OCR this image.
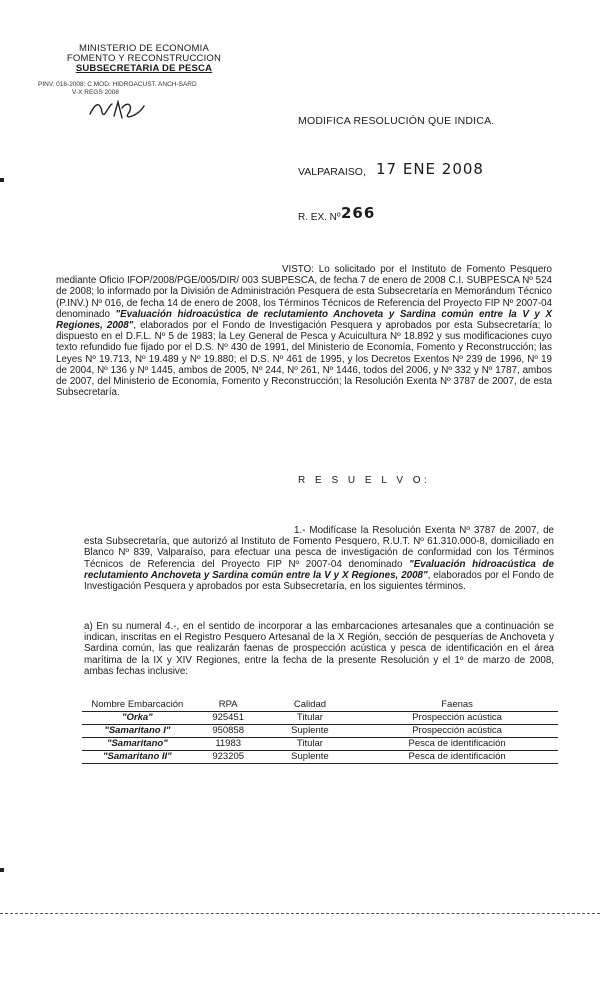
MINISTERIO DE ECONOMIA
FOMENTO Y RECONSTRUCCION
SUBSECRETARIA DE PESCA
PINV. 016-2008; C MOD. HIDROACUST. ANCH-SARD
V-X REGS 2008
MODIFICA RESOLUCIÓN QUE INDICA.
VALPARAISO, 17 ENE 2008
R. EX. Nº 266
VISTO: Lo solicitado por el Instituto de Fomento Pesquero mediante Oficio IFOP/2008/PGE/005/DIR/ 003 SUBPESCA, de fecha 7 de enero de 2008 C.I. SUBPESCA Nº 524 de 2008; lo informado por la División de Administración Pesquera de esta Subsecretaría en Memorándum Técnico (P.INV.) Nº 016, de fecha 14 de enero de 2008, los Términos Técnicos de Referencia del Proyecto FIP Nº 2007-04 denominado "Evaluación hidroacústica de reclutamiento Anchoveta y Sardina común entre la V y X Regiones, 2008", elaborados por el Fondo de Investigación Pesquera y aprobados por esta Subsecretaría; lo dispuesto en el D.F.L. Nº 5 de 1983; la Ley General de Pesca y Acuicultura Nº 18.892 y sus modificaciones cuyo texto refundido fue fijado por el D.S. Nº 430 de 1991, del Ministerio de Economía, Fomento y Reconstrucción; las Leyes Nº 19.713, Nº 19.489 y Nº 19.880; el D.S. Nº 461 de 1995, y los Decretos Exentos Nº 239 de 1996, Nº 19 de 2004, Nº 136 y Nº 1445, ambos de 2005, Nº 244, Nº 261, Nº 1446, todos del 2006, y Nº 332 y Nº 1787, ambos de 2007, del Ministerio de Economía, Fomento y Reconstrucción; la Resolución Exenta Nº 3787 de 2007, de esta Subsecretaría.
R E S U E L V O:
1.- Modifícase la Resolución Exenta Nº 3787 de 2007, de esta Subsecretaría, que autorizó al Instituto de Fomento Pesquero, R.U.T. Nº 61.310.000-8, domiciliado en Blanco Nº 839, Valparaíso, para efectuar una pesca de investigación de conformidad con los Términos Técnicos de Referencia del Proyecto FIP Nº 2007-04 denominado "Evaluación hidroacústica de reclutamiento Anchoveta y Sardina común entre la V y X Regiones, 2008", elaborados por el Fondo de Investigación Pesquera y aprobados por esta Subsecretaría, en los siguientes términos.
a) En su numeral 4.-, en el sentido de incorporar a las embarcaciones artesanales que a continuación se indican, inscritas en el Registro Pesquero Artesanal de la X Región, sección de pesquerías de Anchoveta y Sardina común, las que realizarán faenas de prospección acústica y pesca de identificación en el área marítima de la IX y XIV Regiones, entre la fecha de la presente Resolución y el 1º de marzo de 2008, ambas fechas inclusive:
Nombre Embarcación	RPA	Calidad	Faenas
"Orka"	925451	Titular	Prospección acústica
"Samaritano I"	950858	Suplente	Prospección acústica
"Samaritano"	11983	Titular	Pesca de identificación
"Samaritano II"	923205	Suplente	Pesca de identificación
